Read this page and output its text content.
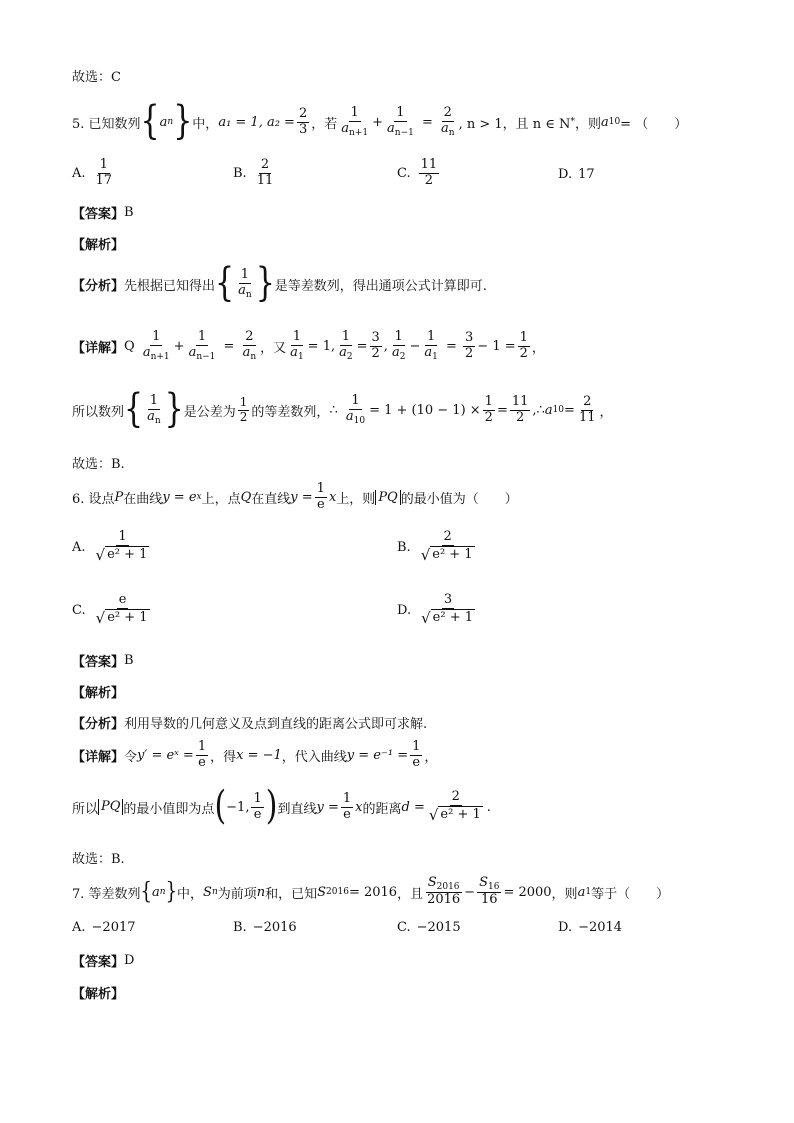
故选：C
5. 已知数列 { a n } 中， a₁ = 1, $a_2 = \frac{2}{3}$ ，若 $\frac{1}{a_{n+1}} + \frac{1}{a_{n-1}} = \frac{2}{a_n}$ , n > 1，且 n ∈ N * ，则 a 10 = （　　）
A. $\frac{1}{17}$	B. $\frac{2}{11}$	C. $\frac{11}{2}$	D. 17
【答案】 B
【解析】
【分析】 先根据已知得出 { $\frac{1}{a_n}$ } 是等差数列，得出通项公式计算即可.
【详解】 Q
$\frac{1}{a_{n+1}} + \frac{1}{a_{n-1}} = \frac{2}{a_n}$ ，又 $\frac{1}{a_1} = 1$, $\frac{1}{a_2} = \frac{3}{2}$ , $\frac{1}{a_2} - \frac{1}{a_1} = \frac{3}{2} - 1 = \frac{1}{2}$ ，
所以数列 { $\frac{1}{a_n}$ } 是公差为 $\frac{1}{2}$ 的等差数列， ∴
$\frac{1}{a_{10}} = 1 + (10 - 1) \times \frac{1}{2} = \frac{11}{2}$ ,∴ a $10 = \frac{2}{11}$ ，
故选：B.
6. 设点 P 在曲线 y = e x 上，点 Q 在直线 $y = \frac{1}{e}$ x 上，则 PQ 的最小值为（　　）
A. $\frac{1}{\text{√ e² + 1}}$	B. $\frac{2}{\text{√ e² + 1}}$
C. $\frac{e}{\text{√ e² + 1}}$	D. $\frac{3}{\text{√ e² + 1}}$
【答案】 B
【解析】
【分析】 利用导数的几何意义及点到直线的距离公式即可求解.
【详解】 令 y′ = eˣ = $\frac{1}{e}$ ，得 x = −1 ，代入曲线 $y = e^{-1} = \frac{1}{e}$ ，
所以 PQ 的最小值即为点 ( −1, $\frac{1}{e}$ ) 到直线 $y = \frac{1}{e}$ x 的距离 $d = \frac{2}{\text{√ e² + 1}}$ .
故选：B.
7. 等差数列 { a n } 中， S n 为前项 n 和，已知 S 2016 = 2016 ，且 $\frac{S_{2016}}{2016} - \frac{S_{16}}{16} = 2000$ ，则 a 1 等于（　　）
A. −2017	B. −2016	C. −2015	D. −2014
【答案】 D
【解析】
